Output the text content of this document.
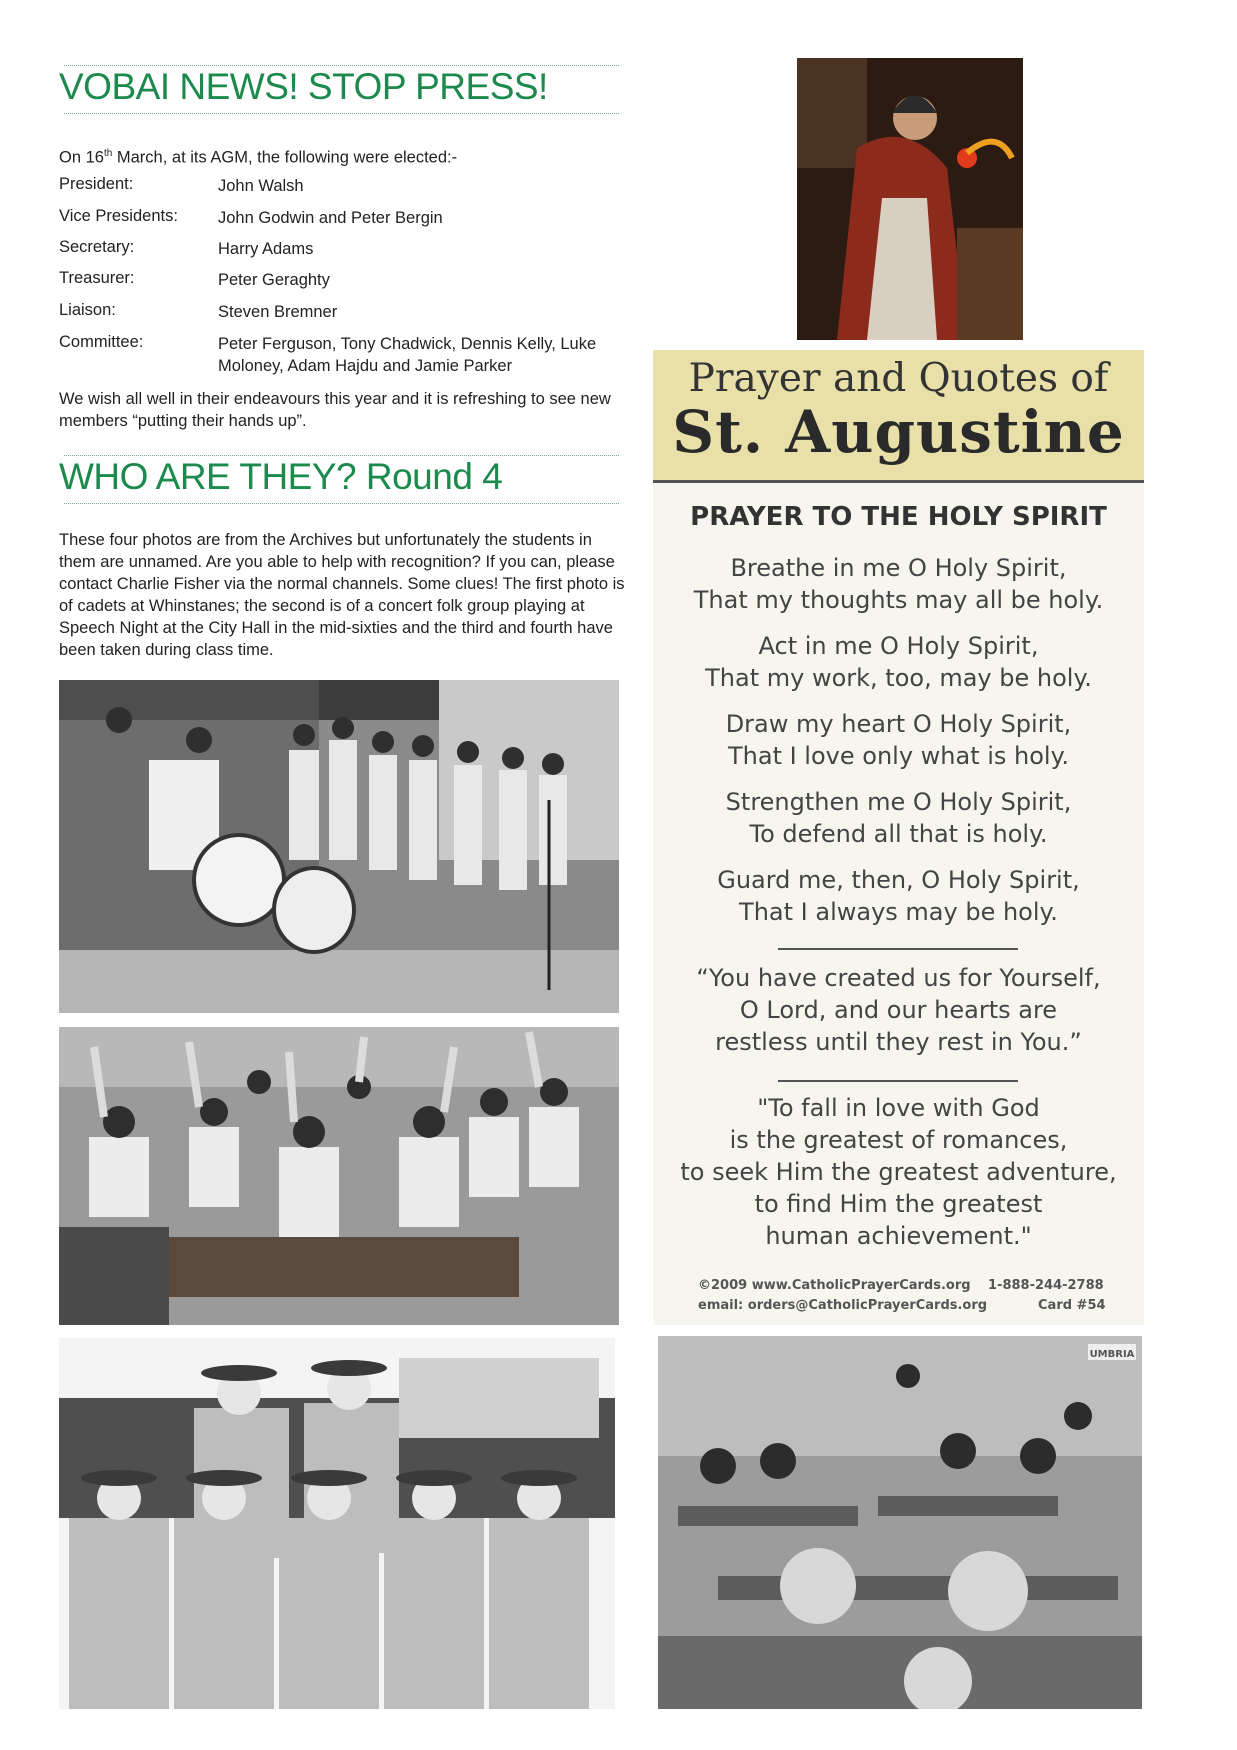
VOBAI NEWS! STOP PRESS!
On 16th March, at its AGM, the following were elected:-
President:	John Walsh
Vice Presidents: John Godwin and Peter Bergin
Secretary:	Harry Adams
Treasurer:	Peter Geraghty
Liaison:	Steven Bremner
Committee:	Peter Ferguson, Tony Chadwick, Dennis Kelly, Luke Moloney, Adam Hajdu and Jamie Parker
We wish all well in their endeavours this year and it is refreshing to see new members “putting their hands up”.
WHO ARE THEY? Round 4
These four photos are from the Archives but unfortunately the students in them are unnamed. Are you able to help with recognition? If you can, please contact Charlie Fisher via the normal channels. Some clues! The first photo is of cadets at Whinstanes; the second is of a concert folk group playing at Speech Night at the City Hall in the mid-sixties and the third and fourth have been taken during class time.
Prayer and Quotes of
St. Augustine
PRAYER TO THE HOLY SPIRIT
Breathe in me O Holy Spirit,
That my thoughts may all be holy.
Act in me O Holy Spirit,
That my work, too, may be holy.
Draw my heart O Holy Spirit,
That I love only what is holy.
Strengthen me O Holy Spirit,
To defend all that is holy.
Guard me, then, O Holy Spirit,
That I always may be holy.
“You have created us for Yourself,
O Lord, and our hearts are
restless until they rest in You.”
"To fall in love with God
is the greatest of romances,
to seek Him the greatest adventure,
to find Him the greatest
human achievement."
©2009 www.CatholicPrayerCards.org 1-888-244-2788
email: orders@CatholicPrayerCards.org	Card #54
UMBRIA
